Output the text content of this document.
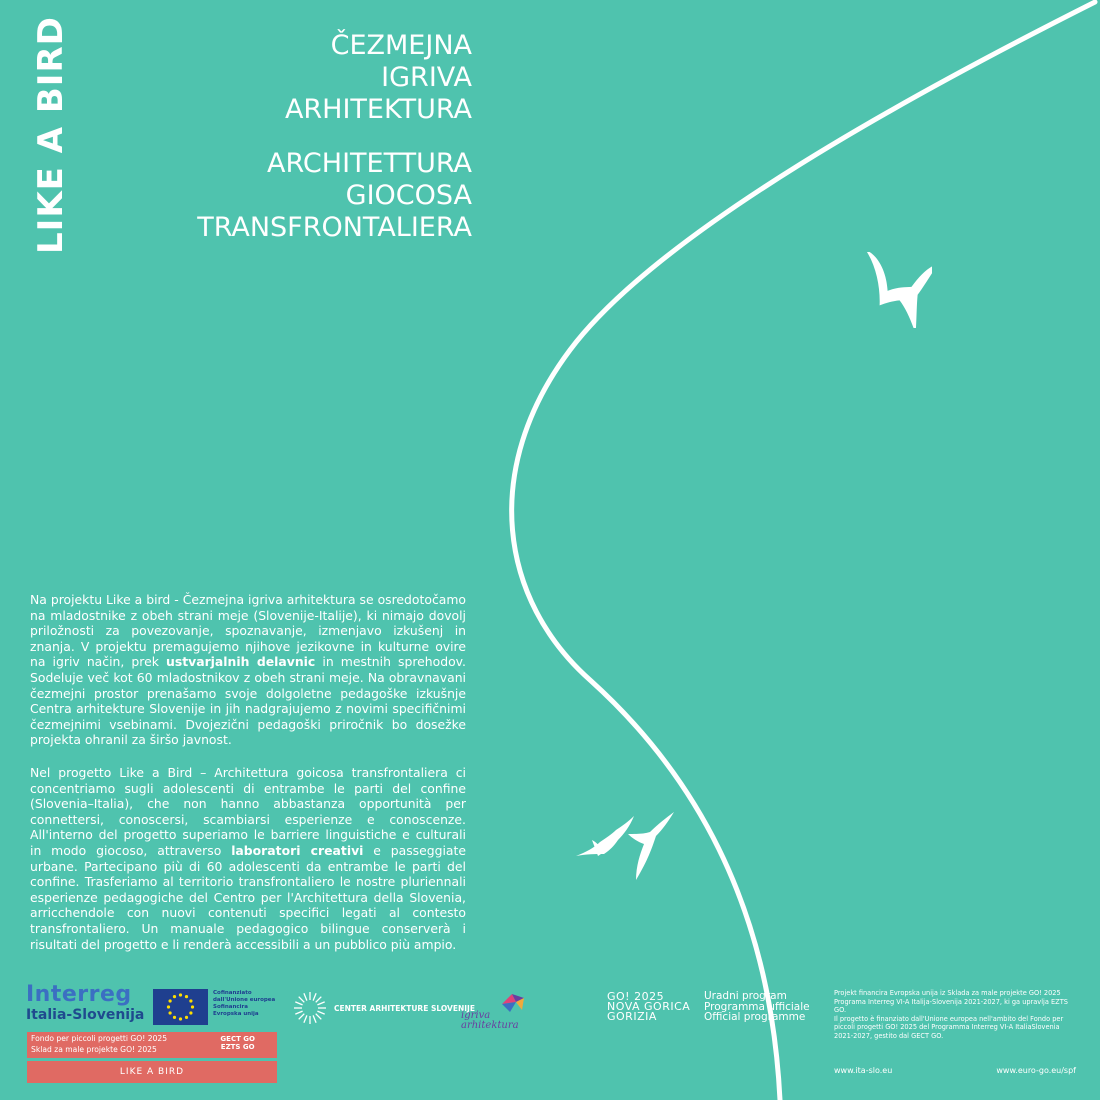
LIKE A BIRD	ČEZMEJNA
IGRIVA
ARHITEKTURA
ARCHITETTURA
GIOCOSA
TRANSFRONTALIERA
Na projektu Like a bird - Čezmejna igriva arhitektura se osredotočamo na mladostnike z obeh strani meje (Slovenije-Italije), ki nimajo dovolj priložnosti za povezovanje, spoznavanje, izmenjavo izkušenj in znanja. V projektu premagujemo njihove jezikovne in kulturne ovire na igriv način, prek ustvarjalnih delavnic in mestnih sprehodov. Sodeluje več kot 60 mladostnikov z obeh strani meje. Na obravnavani čezmejni prostor prenašamo svoje dolgoletne pedagoške izkušnje Centra arhitekture Slovenije in jih nadgrajujemo z novimi specifičnimi čezmejnimi vsebinami. Dvojezični pedagoški priročnik bo dosežke projekta ohranil za širšo javnost.
Nel progetto Like a Bird – Architettura goicosa transfrontaliera ci concentriamo sugli adolescenti di entrambe le parti del confine (Slovenia–Italia), che non hanno abbastanza opportunità per connettersi, conoscersi, scambiarsi esperienze e conoscenze. All'interno del progetto superiamo le barriere linguistiche e culturali in modo giocoso, attraverso laboratori creativi e passeggiate urbane. Partecipano più di 60 adolescenti da entrambe le parti del confine. Trasferiamo al territorio transfrontaliero le nostre pluriennali esperienze pedagogiche del Centro per l'Architettura della Slovenia, arricchendole con nuovi contenuti specifici legati al contesto transfrontaliero. Un manuale pedagogico bilingue conserverà i risultati del progetto e li renderà accessibili a un pubblico più ampio.
Interreg
Italia-Slovenija
Cofinanziato
dall'Unione europea
Sofinancira
Evropska unija
Fondo per piccoli progetti GO! 2025
Sklad za male projekte GO! 2025
GECT GO
EZTS GO
LIKE A BIRD
CENTER ARHITEKTURE SLOVENIJE
igriva
arhitektura
GO! 2025
NOVA GORICA
GORIZIA
Uradni program
Programma ufficiale
Official programme
Projekt financira Evropska unija iz Sklada za male projekte GO! 2025 Programa Interreg VI-A Italija-Slovenija 2021-2027, ki ga upravlja EZTS GO.
Il progetto è finanziato dall'Unione europea nell'ambito del Fondo per piccoli progetti GO! 2025 del Programma Interreg VI-A ItaliaSlovenia 2021-2027, gestito dal GECT GO.
www.ita-slo.eu	www.euro-go.eu/spf
